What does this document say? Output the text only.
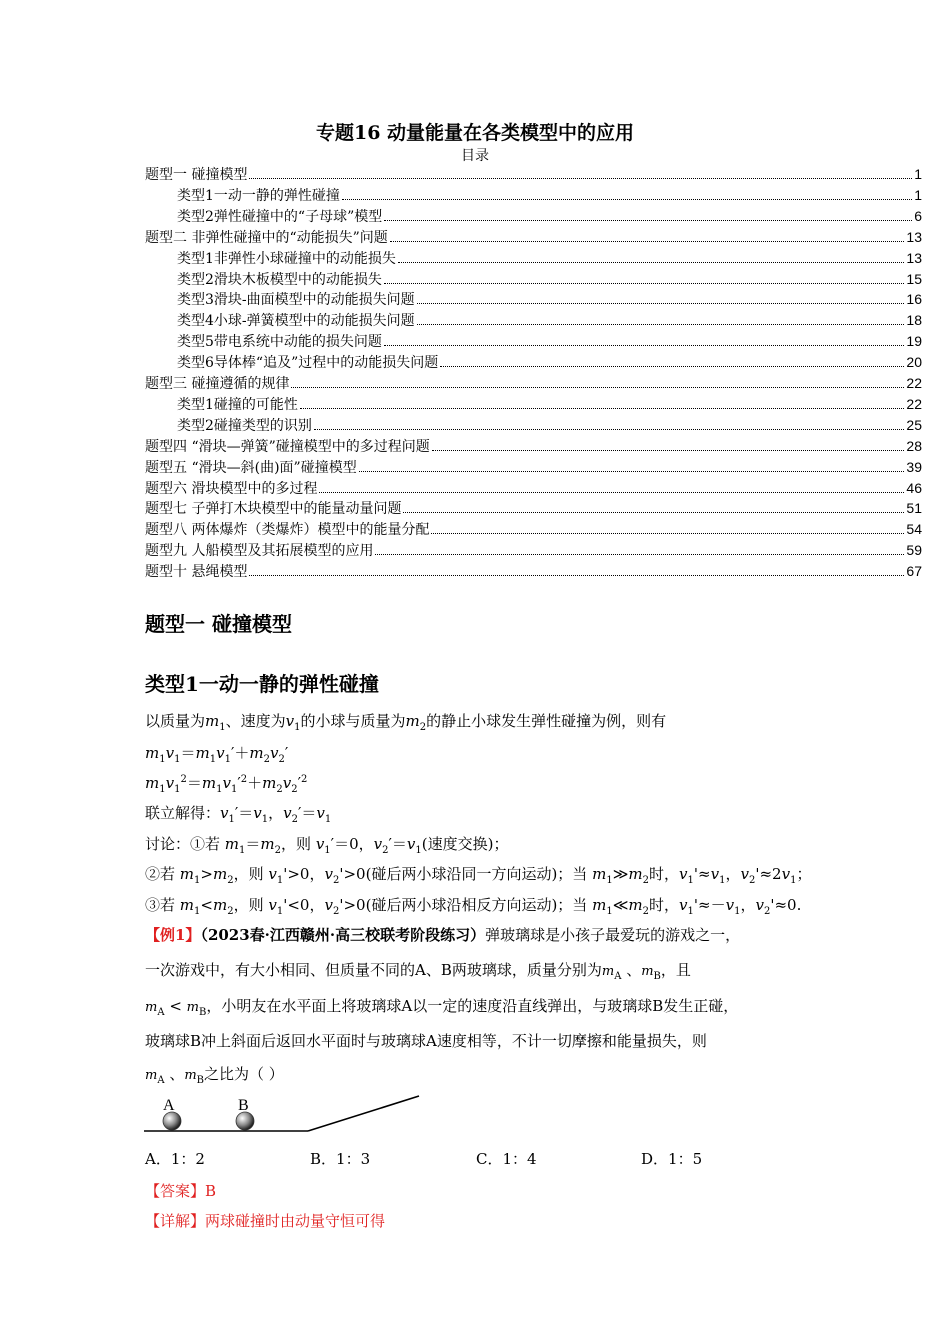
专题16 动量能量在各类模型中的应用
目录
题型一 碰撞模型	1
类型1一动一静的弹性碰撞	1
类型2弹性碰撞中的“子母球”模型	6
题型二 非弹性碰撞中的“动能损失”问题	13
类型1非弹性小球碰撞中的动能损失	13
类型2滑块木板模型中的动能损失	15
类型3滑块-曲面模型中的动能损失问题	16
类型4小球-弹簧模型中的动能损失问题	18
类型5带电系统中动能的损失问题	19
类型6导体棒“追及”过程中的动能损失问题	20
题型三 碰撞遵循的规律	22
类型1碰撞的可能性	22
类型2碰撞类型的识别	25
题型四 “滑块—弹簧”碰撞模型中的多过程问题	28
题型五 “滑块—斜(曲)面”碰撞模型	39
题型六 滑块模型中的多过程	46
题型七 子弹打木块模型中的能量动量问题	51
题型八 两体爆炸（类爆炸）模型中的能量分配	54
题型九 人船模型及其拓展模型的应用	59
题型十 悬绳模型	67
题型一 碰撞模型
类型1一动一静的弹性碰撞
以质量为$m_1$、速度为$v_1$的小球与质量为$m_2$的静止小球发生弹性碰撞为例，则有
$m_1v_1=m_1v_1'+m_2v_2'$
$m_1v_1^2=m_1v_1'^2+m_2v_2'^2$
联立解得：$v_1'=v_1$，$v_2'=v_1$
讨论：①若 $m_1=m_2$，则 $v_1'=0$，$v_2'=v_1$(速度交换)；
②若 $m_1>m_2$，则 $v_1'>0$，$v_2'>0$(碰后两小球沿同一方向运动)；当 $m_1≫m_2$时，$v_1'\approx v_1$，$v_2'\approx 2v_1$；
③若 $m_1<m_2$，则 $v_1'<0$，$v_2'>0$(碰后两小球沿相反方向运动)；当 $m_1≪m_2$时，$v_1'\approx-v_1$，$v_2'\approx 0$.
【例1】（2023春·江西赣州·高三校联考阶段练习）弹玻璃球是小孩子最爱玩的游戏之一，
一次游戏中，有大小相同、但质量不同的A、B两玻璃球，质量分别为$m_A$ 、$m_B$，且
$m_A < m_B$，小明友在水平面上将玻璃球A以一定的速度沿直线弹出，与玻璃球B发生正碰，
玻璃球B冲上斜面后返回水平面时与玻璃球A速度相等，不计一切摩擦和能量损失，则
$m_A$ 、$m_B$之比为（ ）
A	B
A．1：2	B．1：3	C．1：4	D．1：5
【答案】B
【详解】两球碰撞时由动量守恒可得
